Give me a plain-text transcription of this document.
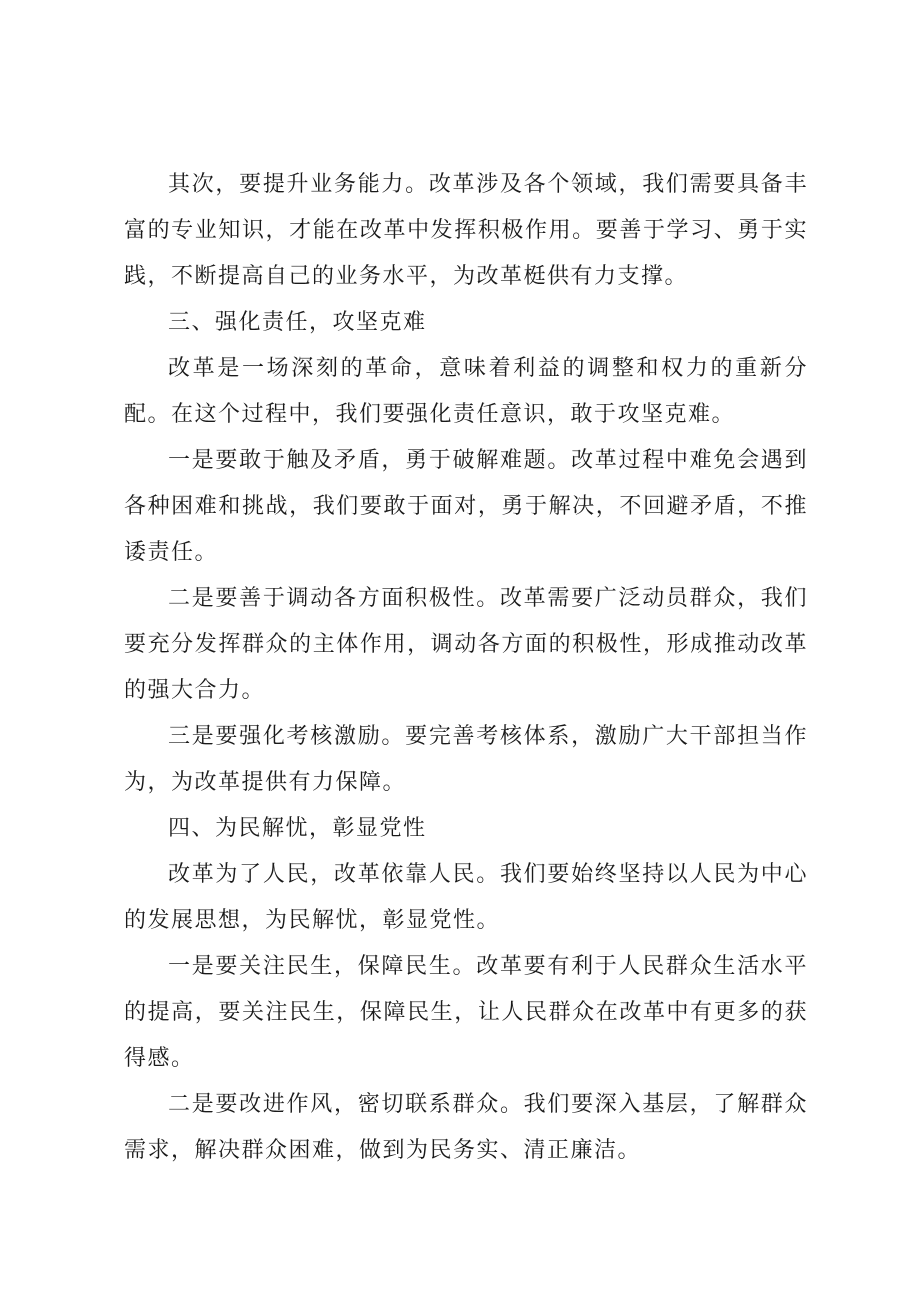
其次，要提升业务能力。改革涉及各个领域，我们需要具备丰富的专业知识，才能在改革中发挥积极作用。要善于学习、勇于实践，不断提高自己的业务水平，为改革梃供有力支撑。

三、强化责任，攻坚克难

改革是一场深刻的革命，意味着利益的调整和权力的重新分配。在这个过程中，我们要强化责任意识，敢于攻坚克难。

一是要敢于触及矛盾，勇于破解难题。改革过程中难免会遇到各种困难和挑战，我们要敢于面对，勇于解决，不回避矛盾，不推诿责任。

二是要善于调动各方面积极性。改革需要广泛动员群众，我们要充分发挥群众的主体作用，调动各方面的积极性，形成推动改革的强大合力。

三是要强化考核激励。要完善考核体系，激励广大干部担当作为，为改革提供有力保障。

四、为民解忧，彰显党性

改革为了人民，改革依靠人民。我们要始终坚持以人民为中心的发展思想，为民解忧，彰显党性。

一是要关注民生，保障民生。改革要有利于人民群众生活水平的提高，要关注民生，保障民生，让人民群众在改革中有更多的获得感。

二是要改进作风，密切联系群众。我们要深入基层，了解群众需求，解决群众困难，做到为民务实、清正廉洁。
